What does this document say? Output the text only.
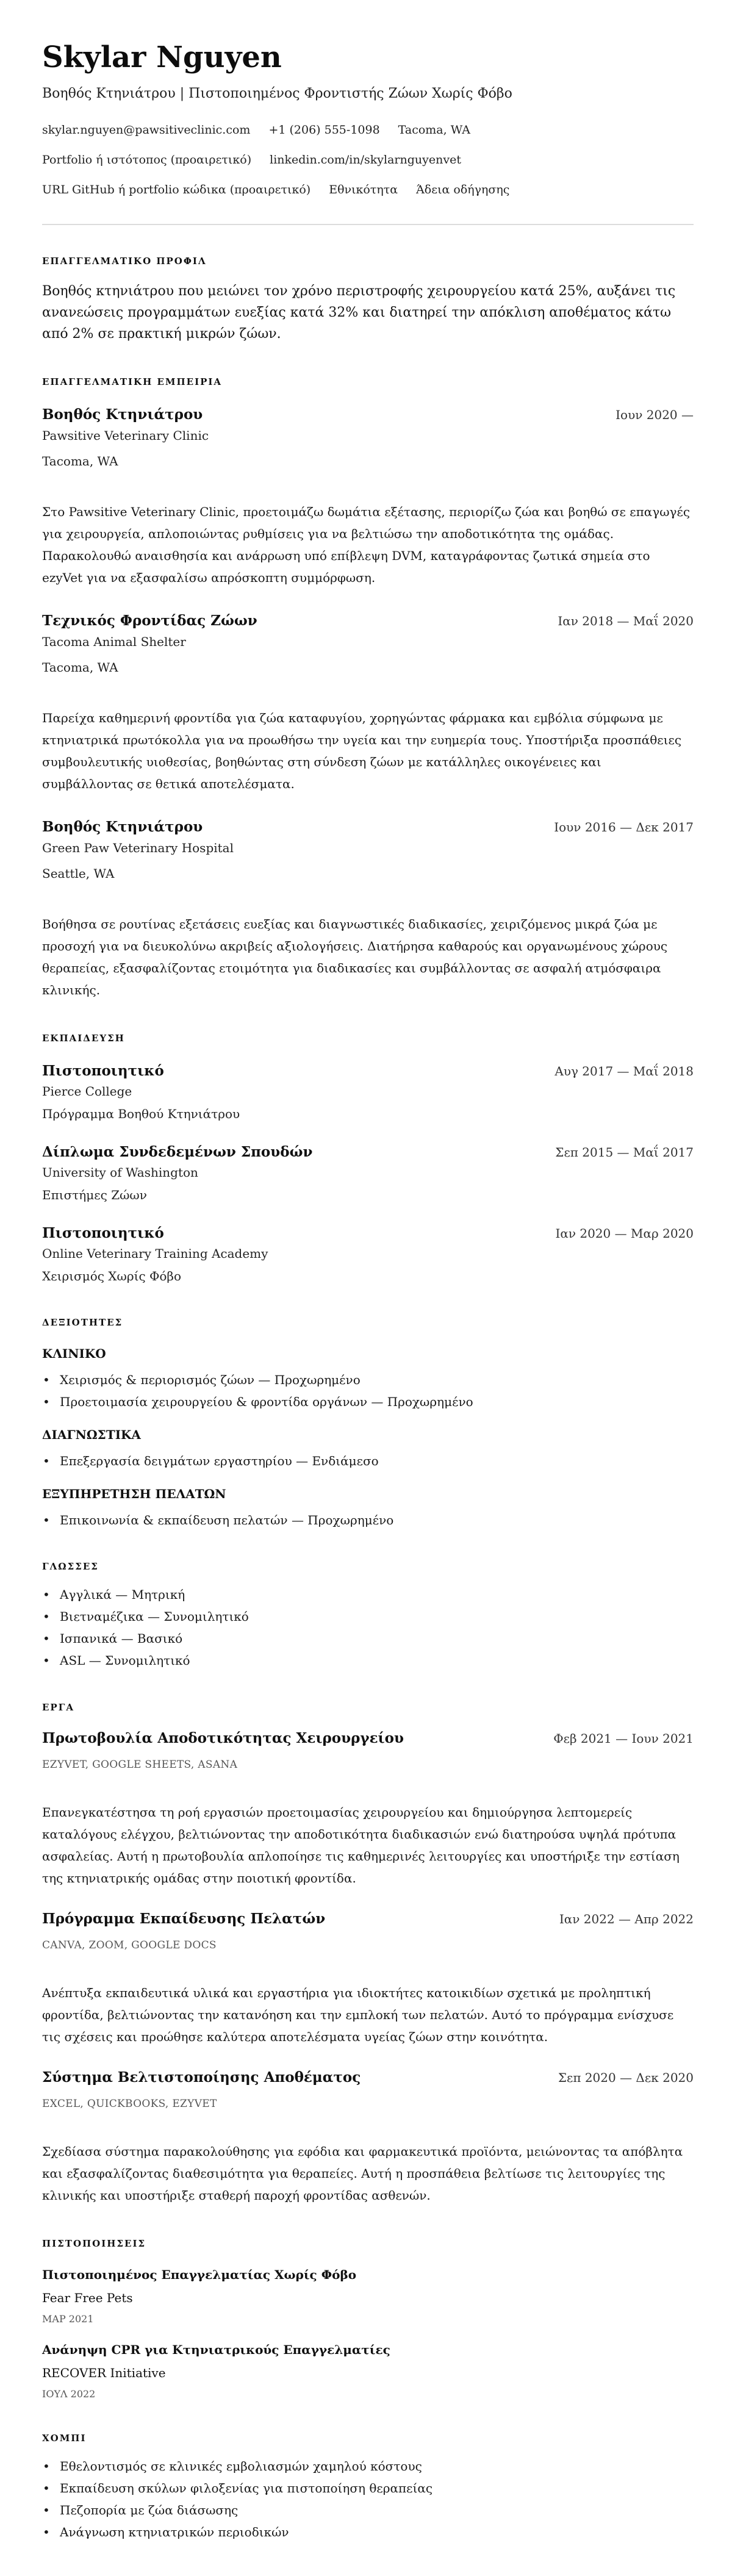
Skylar Nguyen
Βοηθός Κτηνιάτρου | Πιστοποιημένος Φροντιστής Ζώων Χωρίς Φόβο
skylar.nguyen@pawsitiveclinic.com +1 (206) 555-1098 Tacoma, WA
Portfolio ή ιστότοπος (προαιρετικό) linkedin.com/in/skylarnguyenvet
URL GitHub ή portfolio κώδικα (προαιρετικό) Εθνικότητα Άδεια οδήγησης
ΕΠΑΓΓΕΛΜΑΤΙΚΟ ΠΡΟΦΙΛ

Βοηθός κτηνιάτρου που μειώνει τον χρόνο περιστροφής χειρουργείου κατά 25%, αυξάνει τις ανανεώσεις προγραμμάτων ευεξίας κατά 32% και διατηρεί την απόκλιση αποθέματος κάτω από 2% σε πρακτική μικρών ζώων.

ΕΠΑΓΓΕΛΜΑΤΙΚΗ ΕΜΠΕΙΡΙΑ
Βοηθός Κτηνιάτρου	Ιουν 2020 —
Pawsitive Veterinary Clinic
Tacoma, WA
Στο Pawsitive Veterinary Clinic, προετοιμάζω δωμάτια εξέτασης, περιορίζω ζώα και βοηθώ σε επαγωγές για χειρουργεία, απλοποιώντας ρυθμίσεις για να βελτιώσω την αποδοτικότητα της ομάδας. Παρακολουθώ αναισθησία και ανάρρωση υπό επίβλεψη DVM, καταγράφοντας ζωτικά σημεία στο ezyVet για να εξασφαλίσω απρόσκοπτη συμμόρφωση.
Τεχνικός Φροντίδας Ζώων	Ιαν 2018 — Μαΐ 2020
Tacoma Animal Shelter
Tacoma, WA
Παρείχα καθημερινή φροντίδα για ζώα καταφυγίου, χορηγώντας φάρμακα και εμβόλια σύμφωνα με κτηνιατρικά πρωτόκολλα για να προωθήσω την υγεία και την ευημερία τους. Υποστήριξα προσπάθειες συμβουλευτικής υιοθεσίας, βοηθώντας στη σύνδεση ζώων με κατάλληλες οικογένειες και συμβάλλοντας σε θετικά αποτελέσματα.
Βοηθός Κτηνιάτρου	Ιουν 2016 — Δεκ 2017
Green Paw Veterinary Hospital
Seattle, WA
Βοήθησα σε ρουτίνας εξετάσεις ευεξίας και διαγνωστικές διαδικασίες, χειριζόμενος μικρά ζώα με προσοχή για να διευκολύνω ακριβείς αξιολογήσεις. Διατήρησα καθαρούς και οργανωμένους χώρους θεραπείας, εξασφαλίζοντας ετοιμότητα για διαδικασίες και συμβάλλοντας σε ασφαλή ατμόσφαιρα κλινικής.
ΕΚΠΑΙΔΕΥΣΗ
Πιστοποιητικό	Αυγ 2017 — Μαΐ 2018
Pierce College
Πρόγραμμα Βοηθού Κτηνιάτρου
Δίπλωμα Συνδεδεμένων Σπουδών	Σεπ 2015 — Μαΐ 2017
University of Washington
Επιστήμες Ζώων
Πιστοποιητικό	Ιαν 2020 — Μαρ 2020
Online Veterinary Training Academy
Χειρισμός Χωρίς Φόβο
ΔΕΞΙΟΤΗΤΕΣ
ΚΛΙΝΙΚΟ
• Χειρισμός & περιορισμός ζώων — Προχωρημένο
• Προετοιμασία χειρουργείου & φροντίδα οργάνων — Προχωρημένο
ΔΙΑΓΝΩΣΤΙΚΑ
• Επεξεργασία δειγμάτων εργαστηρίου — Ενδιάμεσο
ΕΞΥΠΗΡΕΤΗΣΗ ΠΕΛΑΤΩΝ
• Επικοινωνία & εκπαίδευση πελατών — Προχωρημένο
ΓΛΩΣΣΕΣ
• Αγγλικά — Μητρική
• Βιετναμέζικα — Συνομιλητικό
• Ισπανικά — Βασικό
• ASL — Συνομιλητικό
ΕΡΓΑ
Πρωτοβουλία Αποδοτικότητας Χειρουργείου	Φεβ 2021 — Ιουν 2021
EZYVET, GOOGLE SHEETS, ASANA
Επανεγκατέστησα τη ροή εργασιών προετοιμασίας χειρουργείου και δημιούργησα λεπτομερείς καταλόγους ελέγχου, βελτιώνοντας την αποδοτικότητα διαδικασιών ενώ διατηρούσα υψηλά πρότυπα ασφαλείας. Αυτή η πρωτοβουλία απλοποίησε τις καθημερινές λειτουργίες και υποστήριξε την εστίαση της κτηνιατρικής ομάδας στην ποιοτική φροντίδα.
Πρόγραμμα Εκπαίδευσης Πελατών	Ιαν 2022 — Απρ 2022
CANVA, ZOOM, GOOGLE DOCS
Ανέπτυξα εκπαιδευτικά υλικά και εργαστήρια για ιδιοκτήτες κατοικιδίων σχετικά με προληπτική φροντίδα, βελτιώνοντας την κατανόηση και την εμπλοκή των πελατών. Αυτό το πρόγραμμα ενίσχυσε τις σχέσεις και προώθησε καλύτερα αποτελέσματα υγείας ζώων στην κοινότητα.
Σύστημα Βελτιστοποίησης Αποθέματος	Σεπ 2020 — Δεκ 2020
EXCEL, QUICKBOOKS, EZYVET
Σχεδίασα σύστημα παρακολούθησης για εφόδια και φαρμακευτικά προϊόντα, μειώνοντας τα απόβλητα και εξασφαλίζοντας διαθεσιμότητα για θεραπείες. Αυτή η προσπάθεια βελτίωσε τις λειτουργίες της κλινικής και υποστήριξε σταθερή παροχή φροντίδας ασθενών.
ΠΙΣΤΟΠΟΙΗΣΕΙΣ
Πιστοποιημένος Επαγγελματίας Χωρίς Φόβο
Fear Free Pets
ΜΑΡ 2021
Ανάνηψη CPR για Κτηνιατρικούς Επαγγελματίες
RECOVER Initiative
ΙΟΥΛ 2022
ΧΟΜΠΙ
• Εθελοντισμός σε κλινικές εμβολιασμών χαμηλού κόστους
• Εκπαίδευση σκύλων φιλοξενίας για πιστοποίηση θεραπείας
• Πεζοπορία με ζώα διάσωσης
• Ανάγνωση κτηνιατρικών περιοδικών
